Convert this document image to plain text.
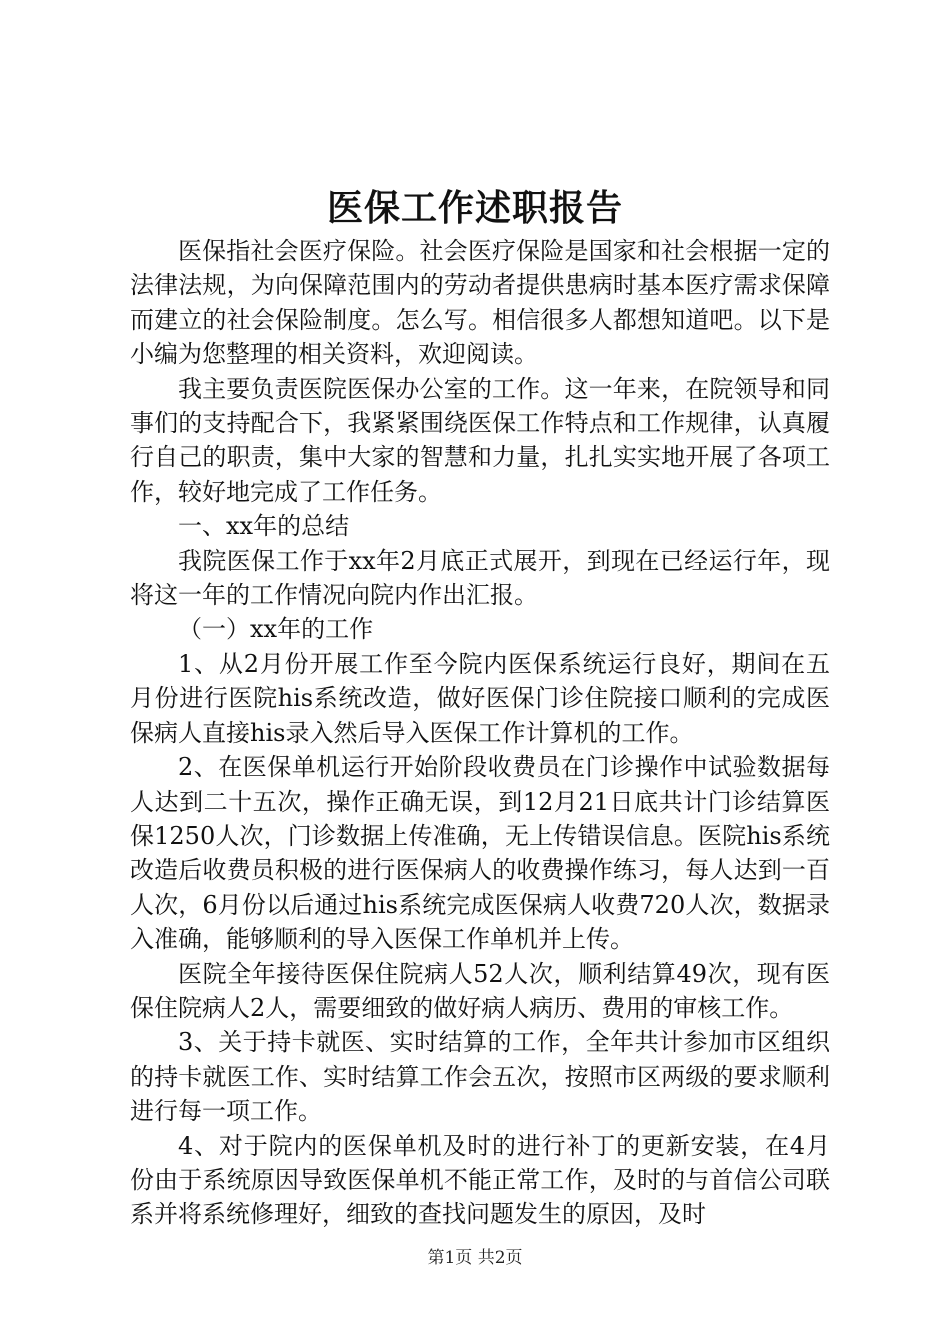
医保工作述职报告

医保指社会医疗保险。社会医疗保险是国家和社会根据一定的法律法规，为向保障范围内的劳动者提供患病时基本医疗需求保障而建立的社会保险制度。怎么写。相信很多人都想知道吧。以下是小编为您整理的相关资料，欢迎阅读。

我主要负责医院医保办公室的工作。这一年来，在院领导和同事们的支持配合下，我紧紧围绕医保工作特点和工作规律，认真履行自己的职责，集中大家的智慧和力量，扎扎实实地开展了各项工作，较好地完成了工作任务。

一、xx年的总结

我院医保工作于xx年2月底正式展开，到现在已经运行年，现将这一年的工作情况向院内作出汇报。

（一）xx年的工作

1、从2月份开展工作至今院内医保系统运行良好，期间在五月份进行医院his系统改造，做好医保门诊住院接口顺利的完成医保病人直接his录入然后导入医保工作计算机的工作。

2、在医保单机运行开始阶段收费员在门诊操作中试验数据每人达到二十五次，操作正确无误，到12月21日底共计门诊结算医保1250人次，门诊数据上传准确，无上传错误信息。医院his系统改造后收费员积极的进行医保病人的收费操作练习，每人达到一百人次，6月份以后通过his系统完成医保病人收费720人次，数据录入准确，能够顺利的导入医保工作单机并上传。

医院全年接待医保住院病人52人次，顺利结算49次，现有医保住院病人2人，需要细致的做好病人病历、费用的审核工作。

3、关于持卡就医、实时结算的工作，全年共计参加市区组织的持卡就医工作、实时结算工作会五次，按照市区两级的要求顺利进行每一项工作。

4、对于院内的医保单机及时的进行补丁的更新安装，在4月份由于系统原因导致医保单机不能正常工作，及时的与首信公司联系并将系统修理好，细致的查找问题发生的原因，及时

第1页 共2页
